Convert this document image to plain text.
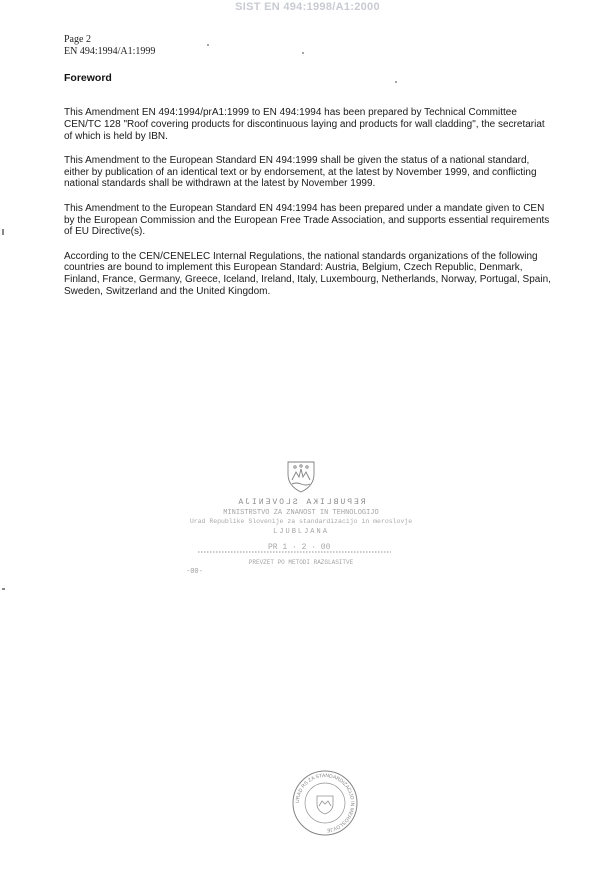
SIST EN 494:1998/A1:2000
Page 2
EN 494:1994/A1:1999
Foreword

This Amendment EN 494:1994/prA1:1999 to EN 494:1994 has been prepared by Technical Committee CEN/TC 128 "Roof covering products for discontinuous laying and products for wall cladding", the secretariat of which is held by IBN.

This Amendment to the European Standard EN 494:1999 shall be given the status of a national standard, either by publication of an identical text or by endorsement, at the latest by November 1999, and conflicting national standards shall be withdrawn at the latest by November 1999.

This Amendment to the European Standard EN 494:1994 has been prepared under a mandate given to CEN by the European Commission and the European Free Trade Association, and supports essential requirements of EU Directive(s).

According to the CEN/CENELEC Internal Regulations, the national standards organizations of the following countries are bound to implement this European Standard: Austria, Belgium, Czech Republic, Denmark, Finland, France, Germany, Greece, Iceland, Ireland, Italy, Luxembourg, Netherlands, Norway, Portugal, Spain, Sweden, Switzerland and the United Kingdom.

REPUBLIKA SLOVENIJA
MINISTRSTVO ZA ZNANOST IN TEHNOLOGIJO
Urad Republike Slovenije za standardizacijo in meroslovje
LJUBLJANA
PR 1 · 2 · 00
PREVZET PO METODI RAZGLASITVE
-00-
URAD RS ZA STANDARDIZACIJO IN MEROSLOVJE
